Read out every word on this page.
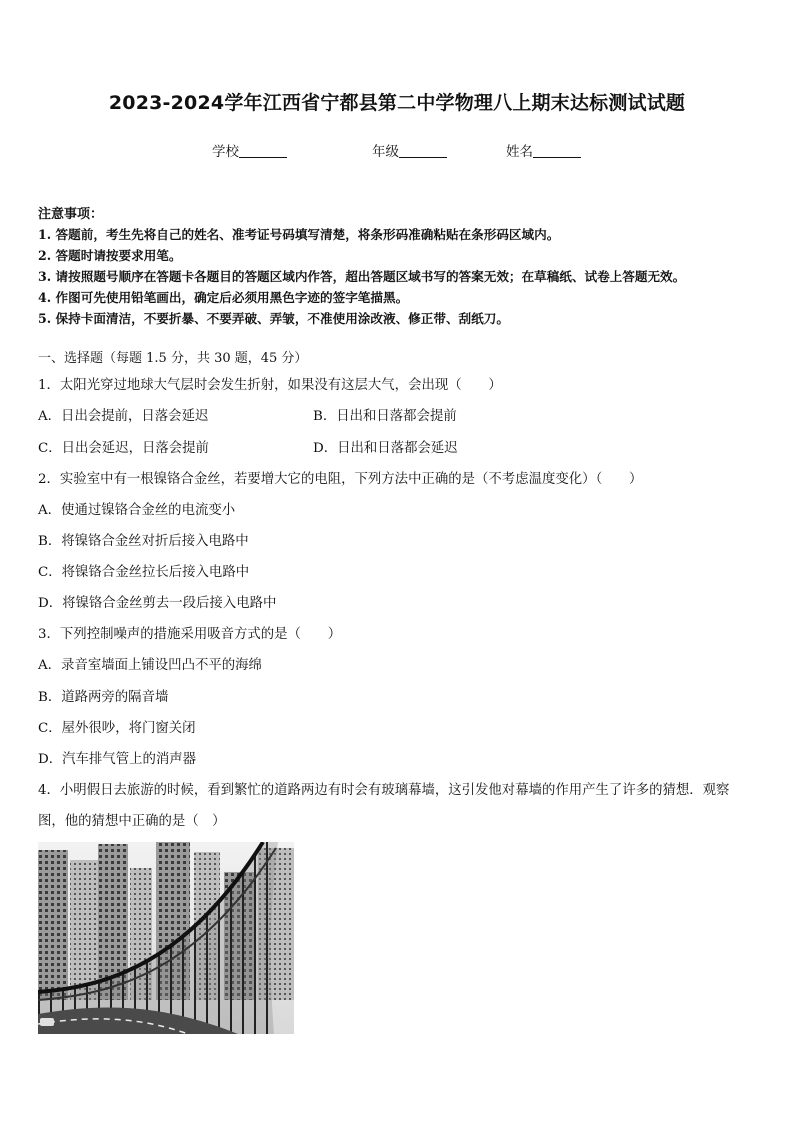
2023-2024学年江西省宁都县第二中学物理八上期末达标测试试题
学校	年级	姓名
注意事项：
1. 答题前，考生先将自己的姓名、准考证号码填写清楚，将条形码准确粘贴在条形码区域内。
2. 答题时请按要求用笔。
3. 请按照题号顺序在答题卡各题目的答题区域内作答，超出答题区域书写的答案无效；在草稿纸、试卷上答题无效。
4. 作图可先使用铅笔画出，确定后必须用黑色字迹的签字笔描黑。
5. 保持卡面清洁，不要折暴、不要弄破、弄皱，不准使用涂改液、修正带、刮纸刀。
一、选择题（每题 1.5 分，共 30 题，45 分）
1．太阳光穿过地球大气层时会发生折射，如果没有这层大气，会出现（　　）
A．日出会提前，日落会延迟	B．日出和日落都会提前
C．日出会延迟，日落会提前	D．日出和日落都会延迟
2．实验室中有一根镍铬合金丝，若要增大它的电阻，下列方法中正确的是（不考虑温度变化）（　　）
A．使通过镍铬合金丝的电流变小
B．将镍铬合金丝对折后接入电路中
C．将镍铬合金丝拉长后接入电路中
D．将镍铬合金丝剪去一段后接入电路中
3．下列控制噪声的措施采用吸音方式的是（　　）
A．录音室墙面上铺设凹凸不平的海绵
B．道路两旁的隔音墙
C．屋外很吵，将门窗关闭
D．汽车排气管上的消声器
4．小明假日去旅游的时候，看到繁忙的道路两边有时会有玻璃幕墙，这引发他对幕墙的作用产生了许多的猜想．观察
图，他的猜想中正确的是（　）
